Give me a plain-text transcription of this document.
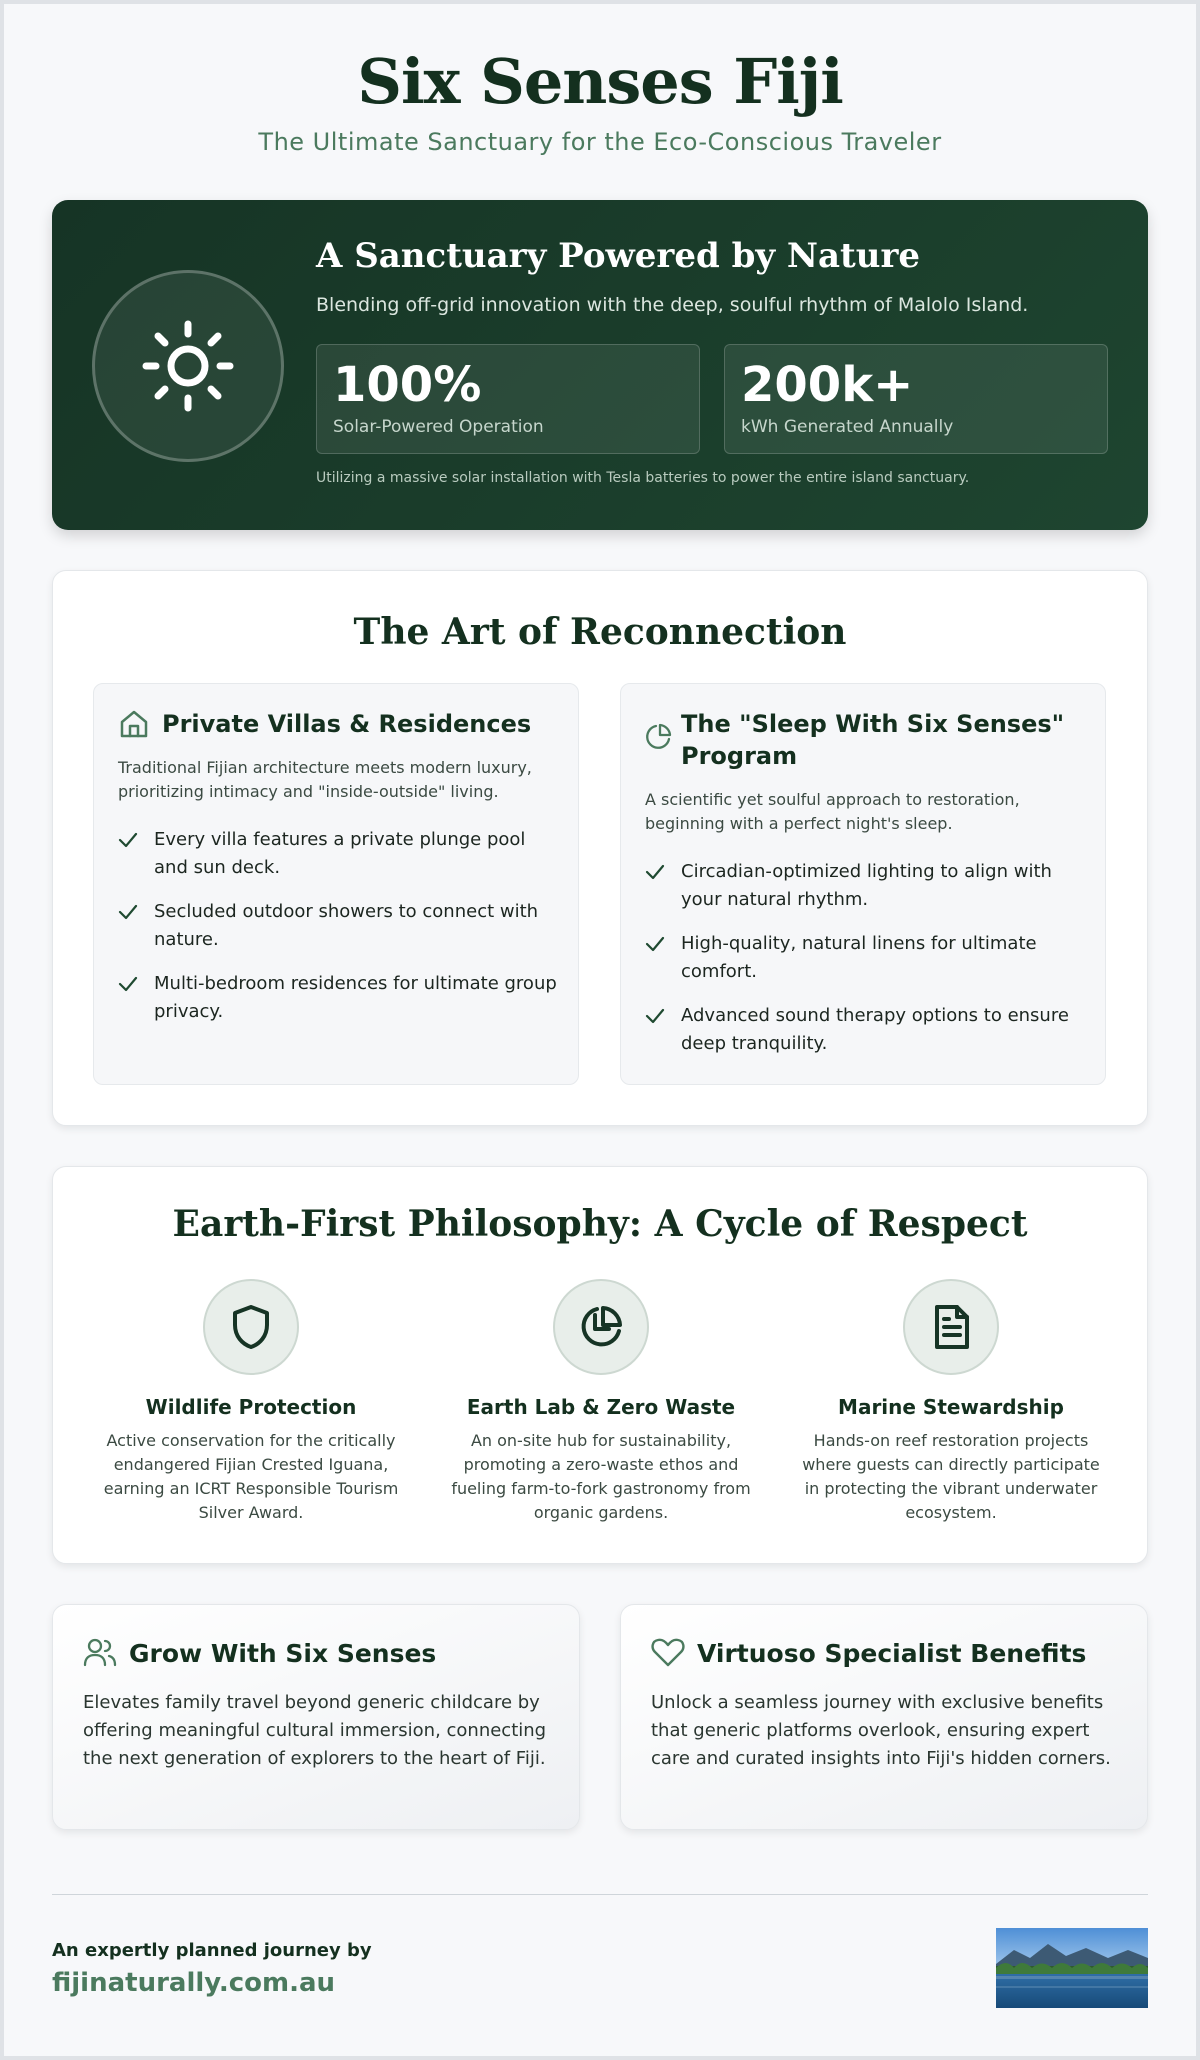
Six Senses Fiji
The Ultimate Sanctuary for the Eco-Conscious Traveler
A Sanctuary Powered by Nature
Blending off-grid innovation with the deep, soulful rhythm of Malolo Island.
100%
Solar-Powered Operation
200k+
kWh Generated Annually
Utilizing a massive solar installation with Tesla batteries to power the entire island sanctuary.
The Art of Reconnection
Private Villas & Residences
Traditional Fijian architecture meets modern luxury, prioritizing intimacy and "inside-outside" living.
Every villa features a private plunge pool and sun deck.
Secluded outdoor showers to connect with nature.
Multi-bedroom residences for ultimate group privacy.
The "Sleep With Six Senses" Program
A scientific yet soulful approach to restoration, beginning with a perfect night's sleep.
Circadian-optimized lighting to align with your natural rhythm.
High-quality, natural linens for ultimate comfort.
Advanced sound therapy options to ensure deep tranquility.
Earth-First Philosophy: A Cycle of Respect
Wildlife Protection

Active conservation for the critically endangered Fijian Crested Iguana, earning an ICRT Responsible Tourism Silver Award.

Earth Lab & Zero Waste

An on-site hub for sustainability, promoting a zero-waste ethos and fueling farm-to-fork gastronomy from organic gardens.

Marine Stewardship

Hands-on reef restoration projects where guests can directly participate in protecting the vibrant underwater ecosystem.

Grow With Six Senses

Elevates family travel beyond generic childcare by offering meaningful cultural immersion, connecting the next generation of explorers to the heart of Fiji.

Virtuoso Specialist Benefits

Unlock a seamless journey with exclusive benefits that generic platforms overlook, ensuring expert care and curated insights into Fiji's hidden corners.

An expertly planned journey by
fijinaturally.com.au
